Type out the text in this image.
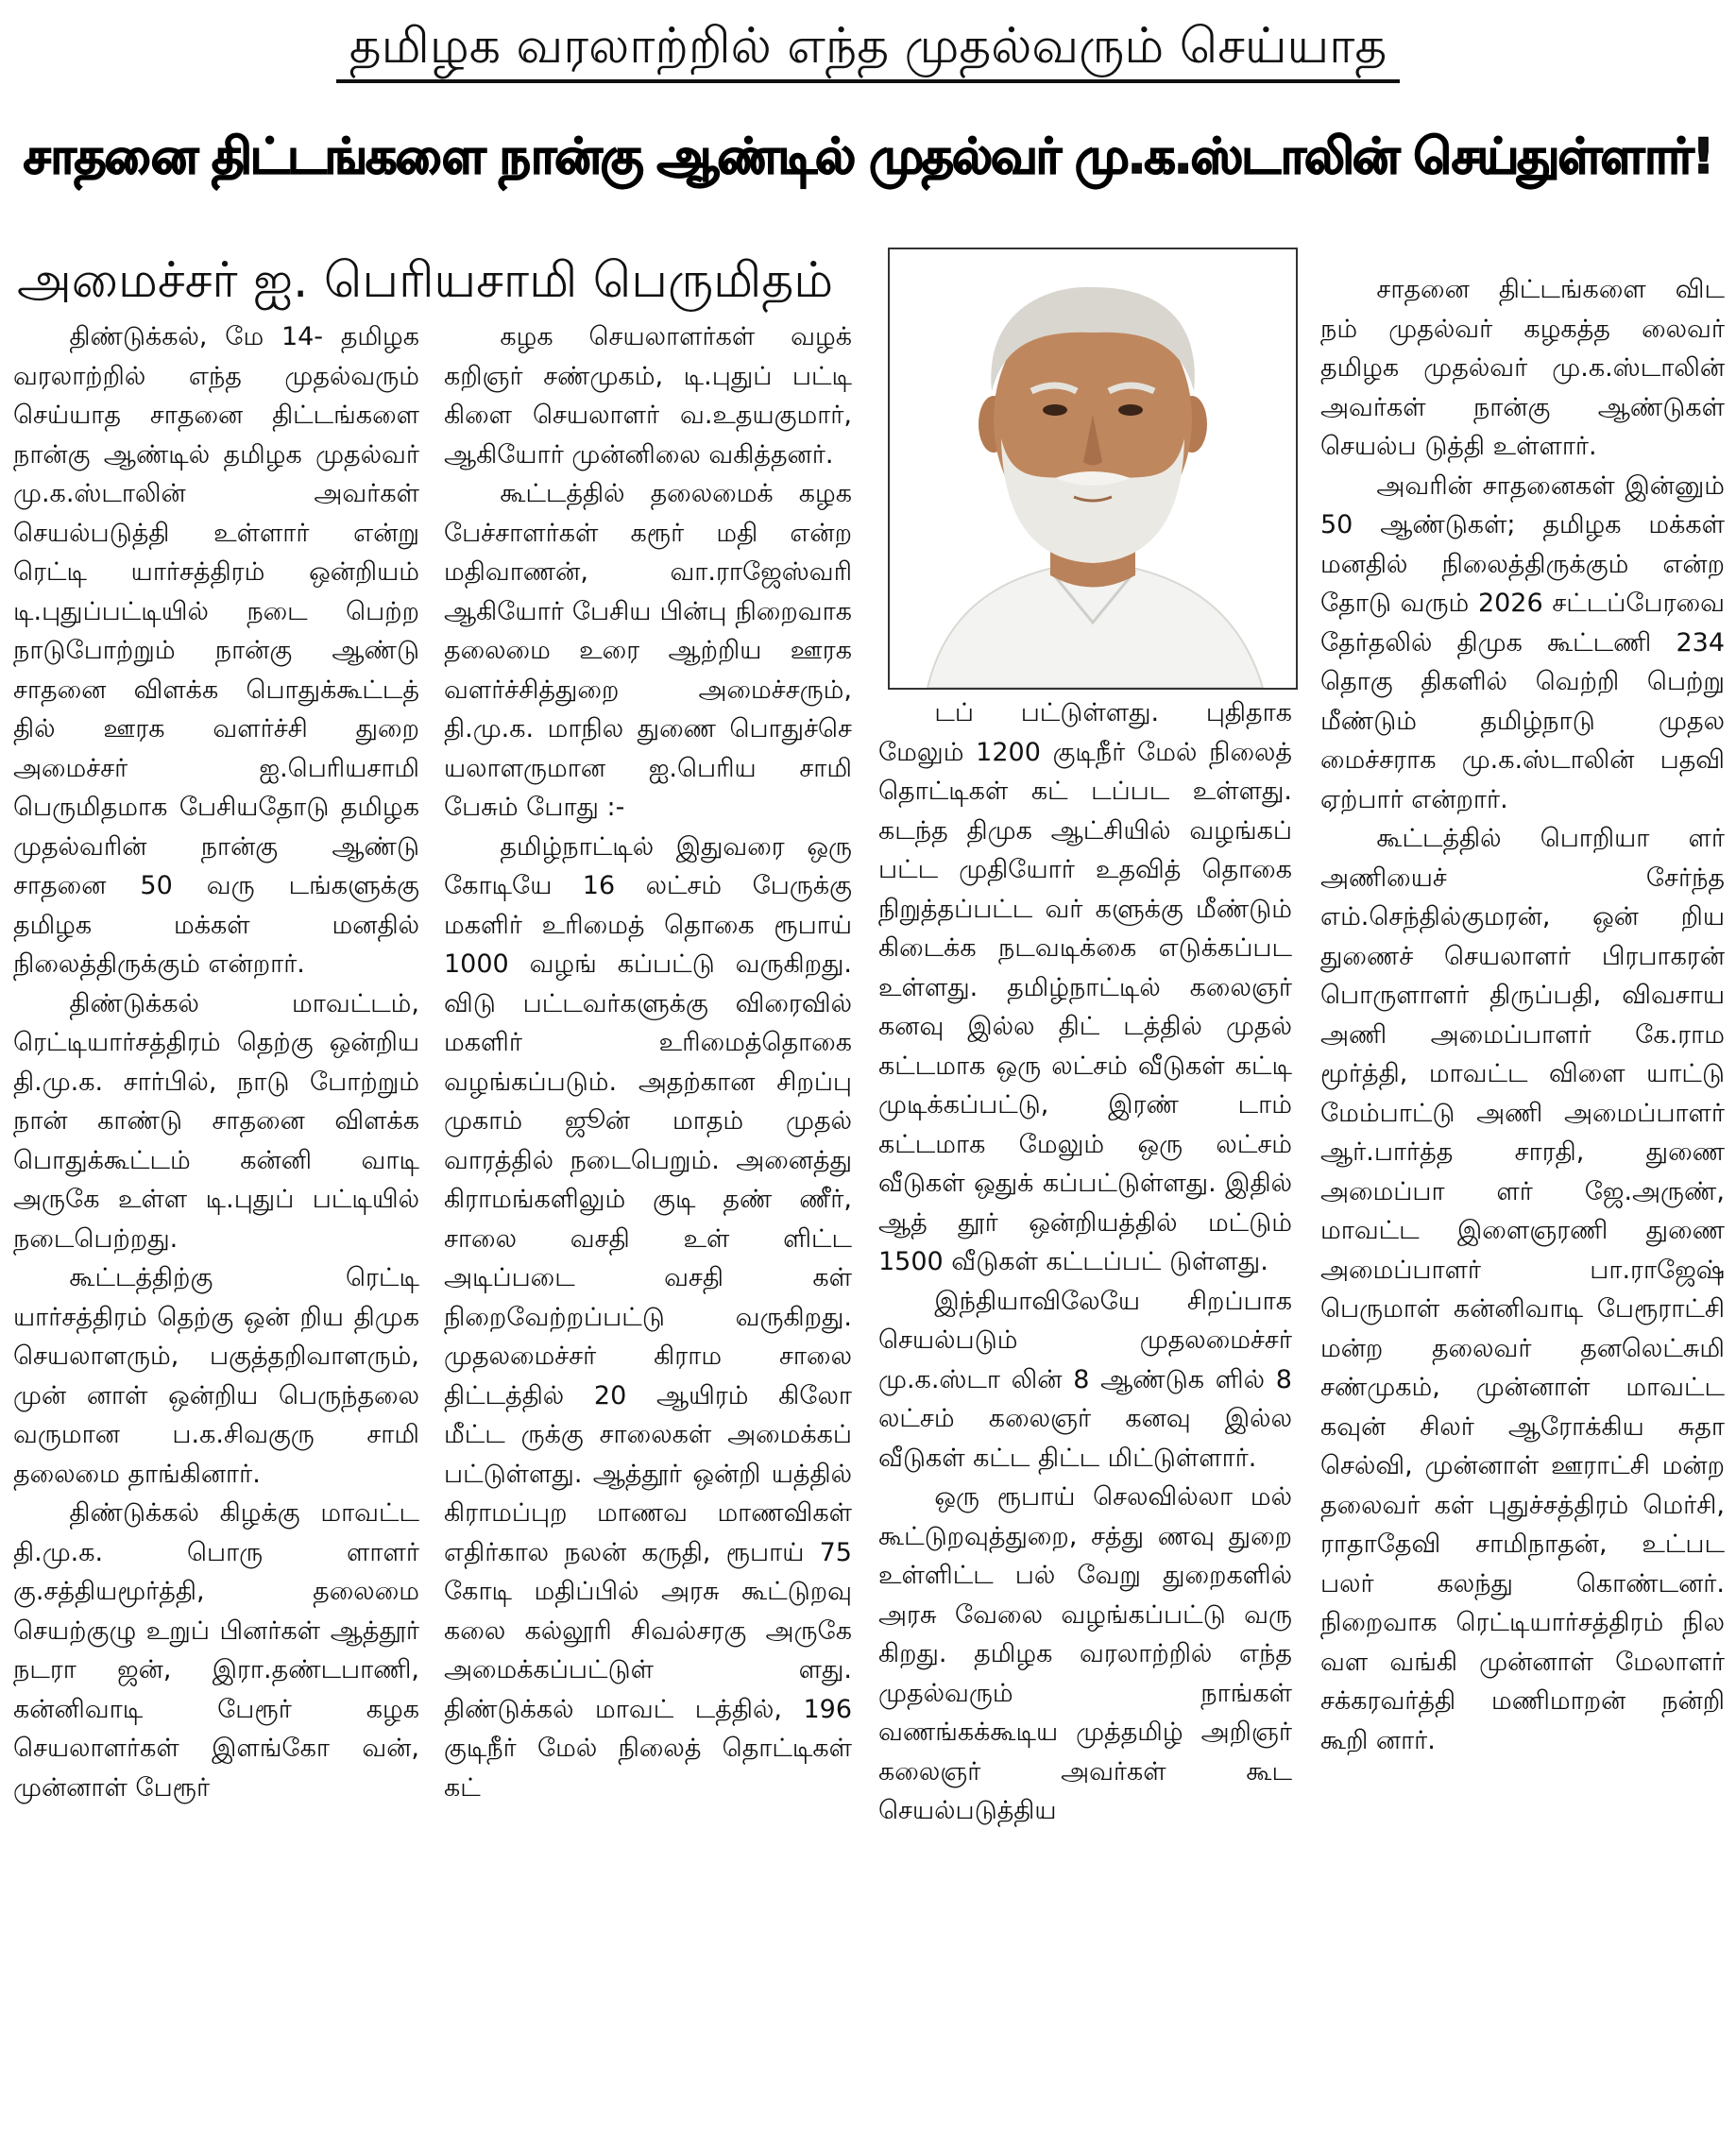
தமிழக வரலாற்றில் எந்த முதல்வரும் செய்யாத
சாதனை திட்டங்களை நான்கு ஆண்டில் முதல்வர் மு.க.ஸ்டாலின் செய்துள்ளார்!
அமைச்சர் ஐ. பெரியசாமி பெருமிதம்

திண்டுக்கல், மே 14- தமிழக வரலாற்றில் எந்த முதல்வரும் செய்யாத சாதனை திட்டங்களை நான்கு ஆண்டில் தமிழக முதல்வர் மு.க.ஸ்டாலின் அவர்கள் செயல்படுத்தி உள்ளார் என்று ரெட்டி யார்சத்திரம் ஒன்றியம் டி.புதுப்பட்டியில் நடை பெற்ற நாடுபோற்றும் நான்கு ஆண்டு சாதனை விளக்க பொதுக்கூட்டத் தில் ஊரக வளர்ச்சி துறை அமைச்சர் ஐ.பெரியசாமி பெருமிதமாக பேசியதோடு தமிழக முதல்வரின் நான்கு ஆண்டு சாதனை 50 வரு டங்களுக்கு தமிழக மக்கள் மனதில் நிலைத்திருக்கும் என்றார்.

திண்டுக்கல் மாவட்டம், ரெட்டியார்சத்திரம் தெற்கு ஒன்றிய தி.மு.க. சார்பில், நாடு போற்றும் நான் காண்டு சாதனை விளக்க பொதுக்கூட்டம் கன்னி வாடி அருகே உள்ள டி.புதுப் பட்டியில் நடைபெற்றது.

கூட்டத்திற்கு ரெட்டி யார்சத்திரம் தெற்கு ஒன் றிய திமுக செயலாளரும், பகுத்தறிவாளரும், முன் னாள் ஒன்றிய பெருந்தலை வருமான ப.க.சிவகுரு சாமி தலைமை தாங்கினார்.

திண்டுக்கல் கிழக்கு மாவட்ட தி.மு.க. பொரு ளாளர் கு.சத்தியமூர்த்தி, தலைமை செயற்குழு உறுப் பினர்கள் ஆத்தூர் நடரா ஜன், இரா.தண்டபாணி, கன்னிவாடி பேரூர் கழக செயலாளர்கள் இளங்கோ வன், முன்னாள் பேரூர்

கழக செயலாளர்கள் வழக் கறிஞர் சண்முகம், டி.புதுப் பட்டி கிளை செயலாளர் வ.உதயகுமார், ஆகியோர் முன்னிலை வகித்தனர்.

கூட்டத்தில் தலைமைக் கழக பேச்சாளர்கள் கரூர் மதி என்ற மதிவாணன், வா.ராஜேஸ்வரி ஆகியோர் பேசிய பின்பு நிறைவாக தலைமை உரை ஆற்றிய ஊரக வளர்ச்சித்துறை அமைச்சரும், தி.மு.க. மாநில துணை பொதுச்செ யலாளருமான ஐ.பெரிய சாமி பேசும் போது :-

தமிழ்நாட்டில் இதுவரை ஒரு கோடியே 16 லட்சம் பேருக்கு மகளிர் உரிமைத் தொகை ரூபாய் 1000 வழங் கப்பட்டு வருகிறது. விடு பட்டவர்களுக்கு விரைவில் மகளிர் உரிமைத்தொகை வழங்கப்படும். அதற்கான சிறப்பு முகாம் ஜூன் மாதம் முதல் வாரத்தில் நடைபெறும். அனைத்து கிராமங்களிலும் குடி தண் ணீர், சாலை வசதி உள் ளிட்ட அடிப்படை வசதி கள் நிறைவேற்றப்பட்டு வருகிறது. முதலமைச்சர் கிராம சாலை திட்டத்தில் 20 ஆயிரம் கிலோ மீட்ட ருக்கு சாலைகள் அமைக்கப் பட்டுள்ளது. ஆத்தூர் ஒன்றி யத்தில் கிராமப்புற மாணவ மாணவிகள் எதிர்கால நலன் கருதி, ரூபாய் 75 கோடி மதிப்பில் அரசு கூட்டுறவு கலை கல்லூரி சிவல்சரகு அருகே அமைக்கப்பட்டுள் ளது. திண்டுக்கல் மாவட் டத்தில், 196 குடிநீர் மேல் நிலைத் தொட்டிகள் கட்

டப் பட்டுள்ளது. புதிதாக மேலும் 1200 குடிநீர் மேல் நிலைத் தொட்டிகள் கட் டப்பட உள்ளது. கடந்த திமுக ஆட்சியில் வழங்கப் பட்ட முதியோர் உதவித் தொகை நிறுத்தப்பட்ட வர் களுக்கு மீண்டும் கிடைக்க நடவடிக்கை எடுக்கப்பட உள்ளது. தமிழ்நாட்டில் கலைஞர் கனவு இல்ல திட் டத்தில் முதல் கட்டமாக ஒரு லட்சம் வீடுகள் கட்டி முடிக்கப்பட்டு, இரண் டாம் கட்டமாக மேலும் ஒரு லட்சம் வீடுகள் ஒதுக் கப்பட்டுள்ளது. இதில் ஆத் தூர் ஒன்றியத்தில் மட்டும் 1500 வீடுகள் கட்டப்பட் டுள்ளது.

இந்தியாவிலேயே சிறப்பாக செயல்படும் முதலமைச்சர் மு.க.ஸ்டா லின் 8 ஆண்டுக ளில் 8 லட்சம் கலைஞர் கனவு இல்ல வீடுகள் கட்ட திட்ட மிட்டுள்ளார்.

ஒரு ரூபாய் செலவில்லா மல் கூட்டுறவுத்துறை, சத்து ணவு துறை உள்ளிட்ட பல் வேறு துறைகளில் அரசு வேலை வழங்கப்பட்டு வரு கிறது. தமிழக வரலாற்றில் எந்த முதல்வரும் நாங்கள் வணங்கக்கூடிய முத்தமிழ் அறிஞர் கலைஞர் அவர்கள் கூட செயல்படுத்திய

சாதனை திட்டங்களை விட நம் முதல்வர் கழகத்த லைவர் தமிழக முதல்வர் மு.க.ஸ்டாலின் அவர்கள் நான்கு ஆண்டுகள் செயல்ப டுத்தி உள்ளார்.

அவரின் சாதனைகள் இன்னும் 50 ஆண்டுகள்; தமிழக மக்கள் மனதில் நிலைத்திருக்கும் என்ற தோடு வரும் 2026 சட்டப்பேரவை தேர்தலில் திமுக கூட்டணி 234 தொகு திகளில் வெற்றி பெற்று மீண்டும் தமிழ்நாடு முதல மைச்சராக மு.க.ஸ்டாலின் பதவி ஏற்பார் என்றார்.

கூட்டத்தில் பொறியா ளர் அணியைச் சேர்ந்த எம்.செந்தில்குமரன், ஒன் றிய துணைச் செயலாளர் பிரபாகரன் பொருளாளர் திருப்பதி, விவசாய அணி அமைப்பாளர் கே.ராம மூர்த்தி, மாவட்ட விளை யாட்டு மேம்பாட்டு அணி அமைப்பாளர் ஆர்.பார்த்த சாரதி, துணை அமைப்பா ளர் ஜே.அருண், மாவட்ட இளைஞரணி துணை அமைப்பாளர் பா.ராஜேஷ் பெருமாள் கன்னிவாடி பேரூராட்சி மன்ற தலைவர் தனலெட்சுமி சண்முகம், முன்னாள் மாவட்ட கவுன் சிலர் ஆரோக்கிய சுதா செல்வி, முன்னாள் ஊராட்சி மன்ற தலைவர் கள் புதுச்சத்திரம் மெர்சி, ராதாதேவி சாமிநாதன், உட்பட பலர் கலந்து கொண்டனர். நிறைவாக ரெட்டியார்சத்திரம் நில வள வங்கி முன்னாள் மேலாளர் சக்கரவர்த்தி மணிமாறன் நன்றி கூறி னார்.
